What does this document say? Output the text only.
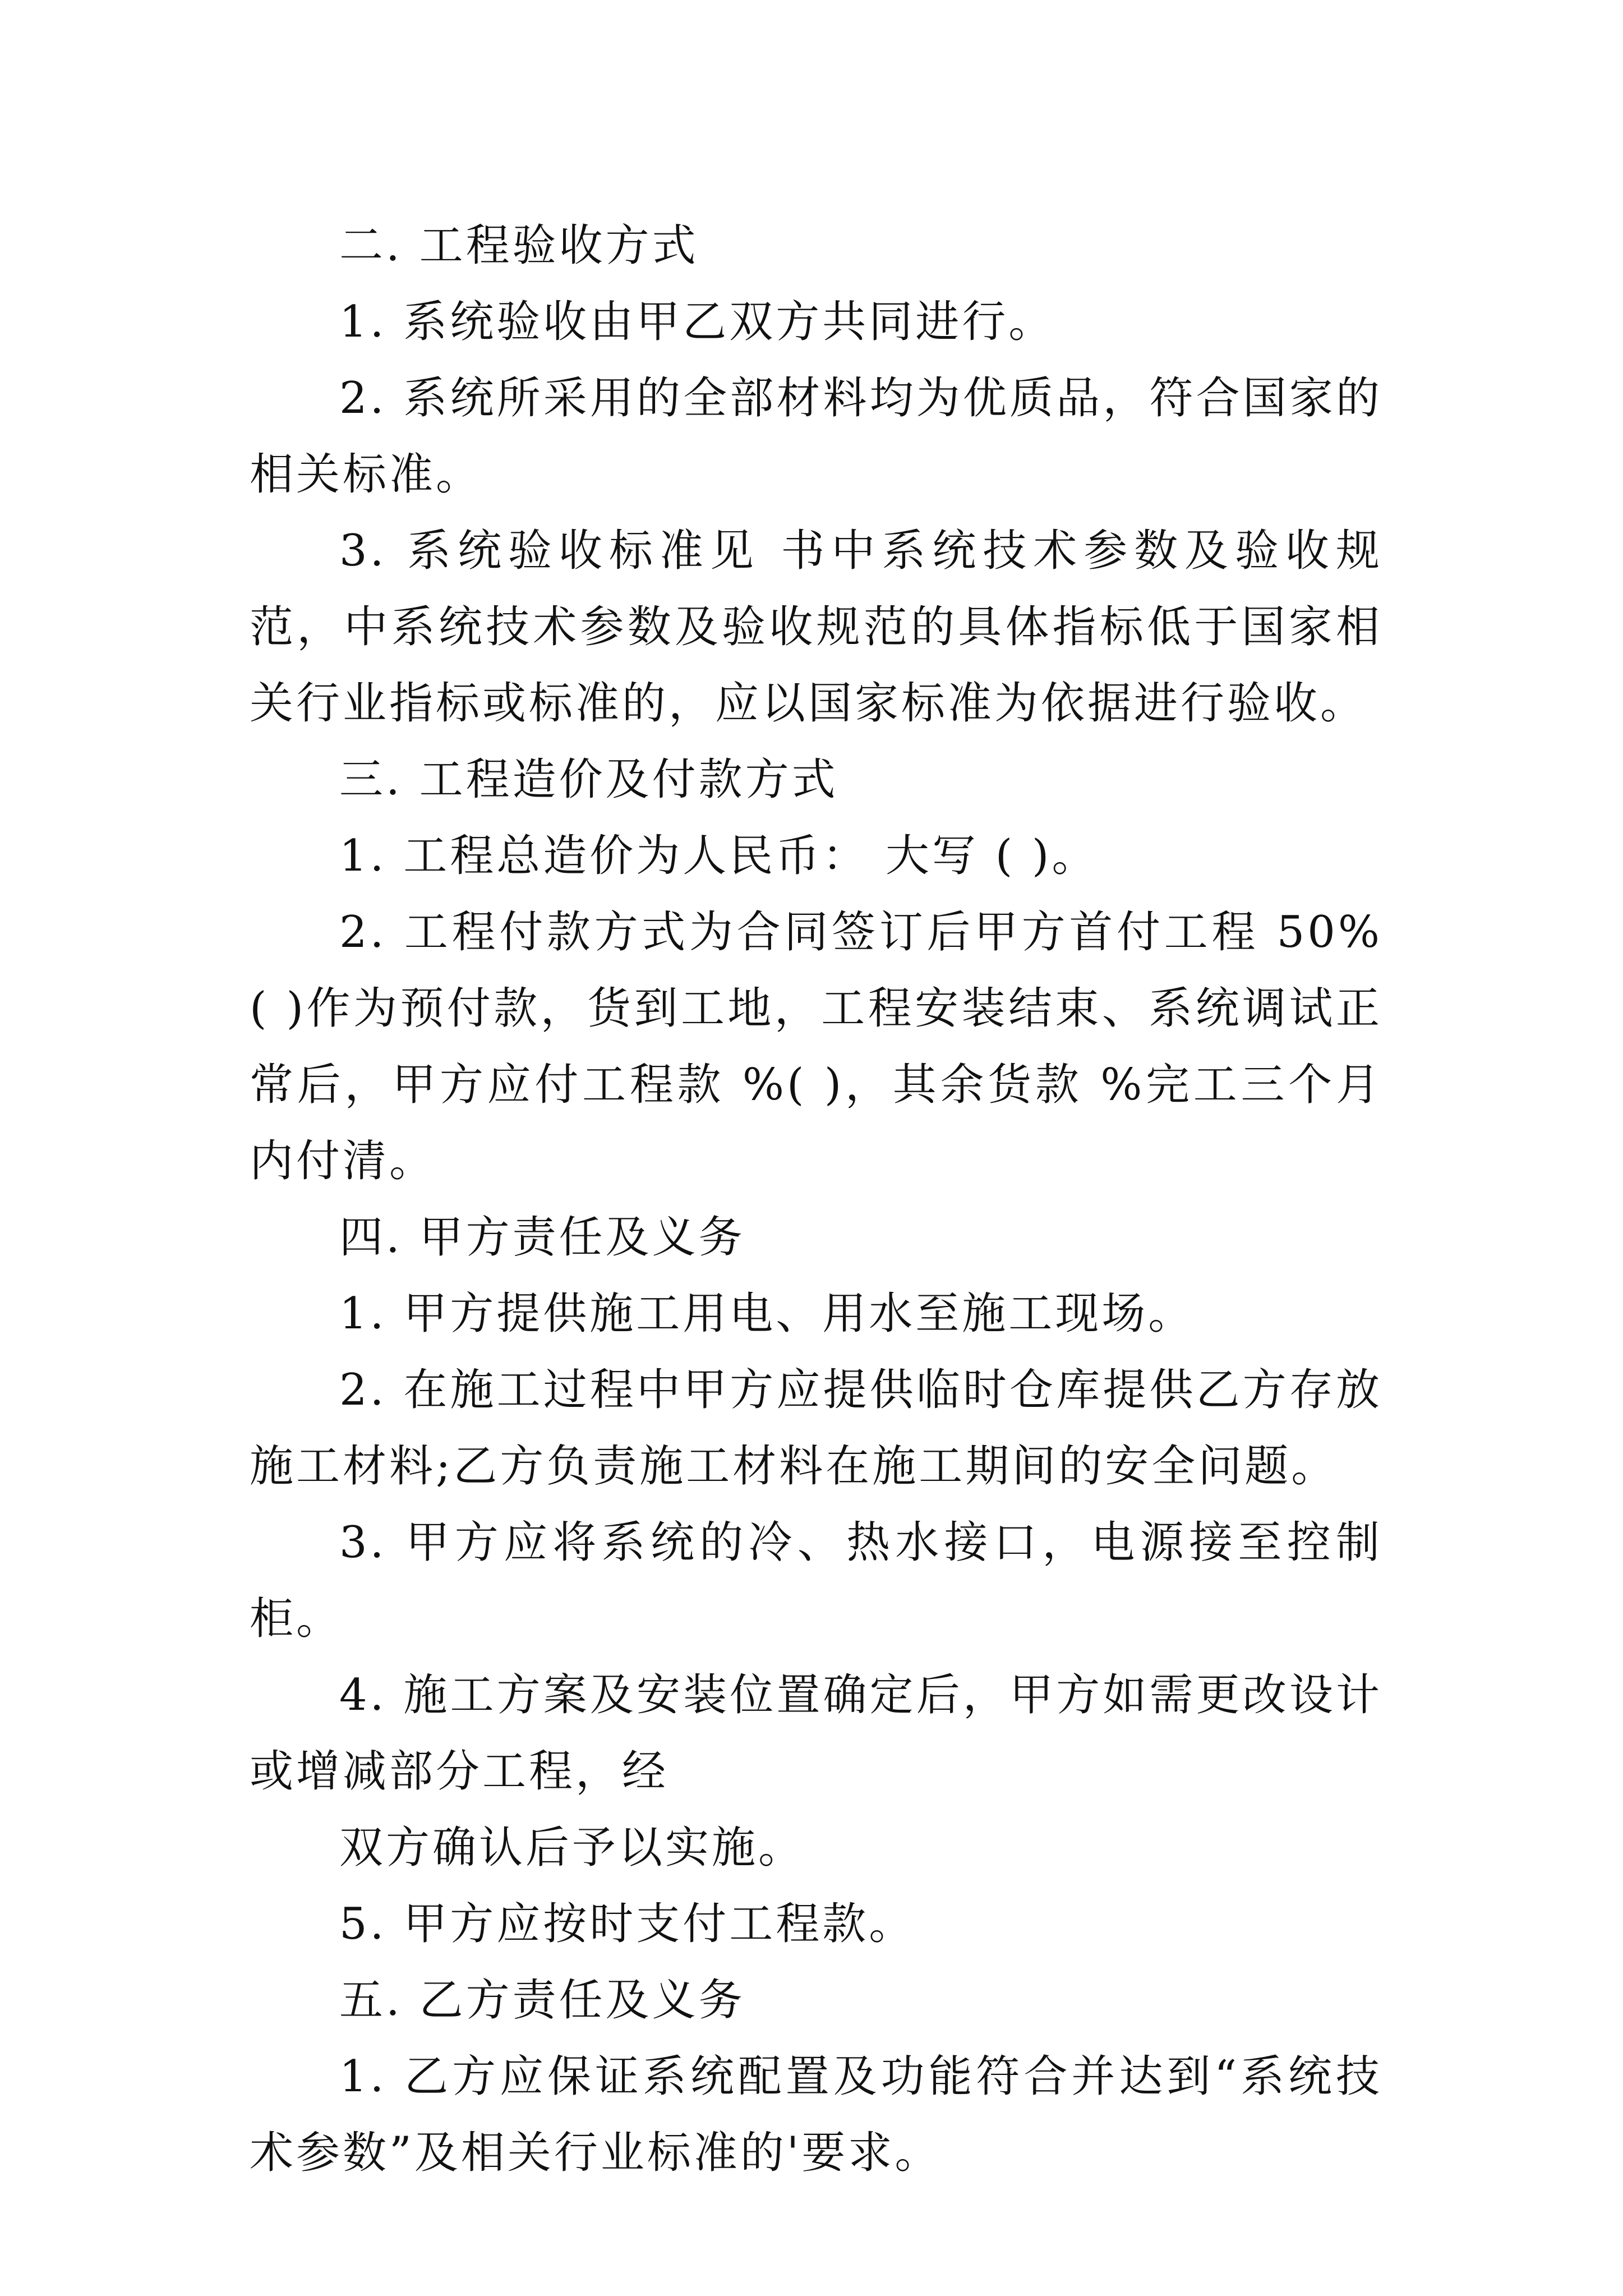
二. 工程验收方式

1. 系统验收由甲乙双方共同进行。

2. 系统所采用的全部材料均为优质品，符合国家的相关标准。

3. 系统验收标准见 书中系统技术参数及验收规范，中系统技术参数及验收规范的具体指标低于国家相关行业指标或标准的，应以国家标准为依据进行验收。

三. 工程造价及付款方式

1. 工程总造价为人民币： 大写 ( )。

2. 工程付款方式为合同签订后甲方首付工程 50%( )作为预付款，货到工地，工程安装结束、系统调试正常后，甲方应付工程款 %( )，其余货款 %完工三个月内付清。

四. 甲方责任及义务

1. 甲方提供施工用电、用水至施工现场。

2. 在施工过程中甲方应提供临时仓库提供乙方存放施工材料;乙方负责施工材料在施工期间的安全问题。

3. 甲方应将系统的冷、热水接口，电源接至控制柜。

4. 施工方案及安装位置确定后，甲方如需更改设计或增减部分工程，经

双方确认后予以实施。

5. 甲方应按时支付工程款。

五. 乙方责任及义务

1. 乙方应保证系统配置及功能符合并达到“系统技术参数”及相关行业标准的'要求。
